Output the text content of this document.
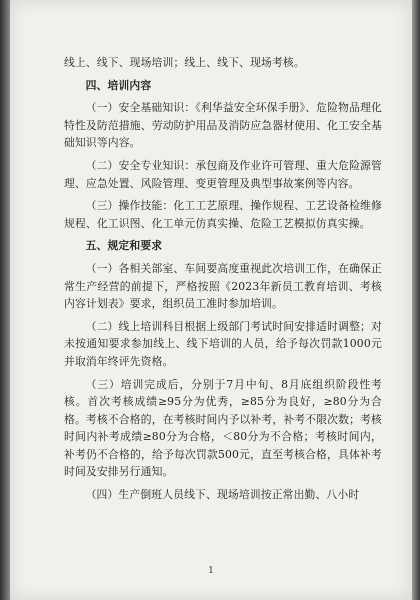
线上、线下、现场培训；线上、线下、现场考核。

四、培训内容

（一）安全基础知识：《利华益安全环保手册》、危险物品理化特性及防范措施、劳动防护用品及消防应急器材使用、化工安全基础知识等内容。

（二）安全专业知识：承包商及作业许可管理、重大危险源管理、应急处置、风险管理、变更管理及典型事故案例等内容。

（三）操作技能：化工工艺原理、操作规程、工艺设备检维修规程、化工识图、化工单元仿真实操、危险工艺模拟仿真实操。

五、规定和要求

（一）各相关部室、车间要高度重视此次培训工作，在确保正常生产经营的前提下，严格按照《2023年新员工教育培训、考核内容计划表》要求，组织员工准时参加培训。

（二）线上培训科目根据上级部门考试时间安排适时调整；对未按通知要求参加线上、线下培训的人员，给予每次罚款1000元并取消年终评先资格。

（三）培训完成后，分别于7月中旬、8月底组织阶段性考核。首次考核成绩≥95分为优秀，≥85分为良好，≥80分为合格。考核不合格的，在考核时间内予以补考，补考不限次数；考核时间内补考成绩≥80分为合格，＜80分为不合格；考核时间内，补考仍不合格的，给予每次罚款500元，直至考核合格，具体补考时间及安排另行通知。

（四）生产倒班人员线下、现场培训按正常出勤、八小时

1
